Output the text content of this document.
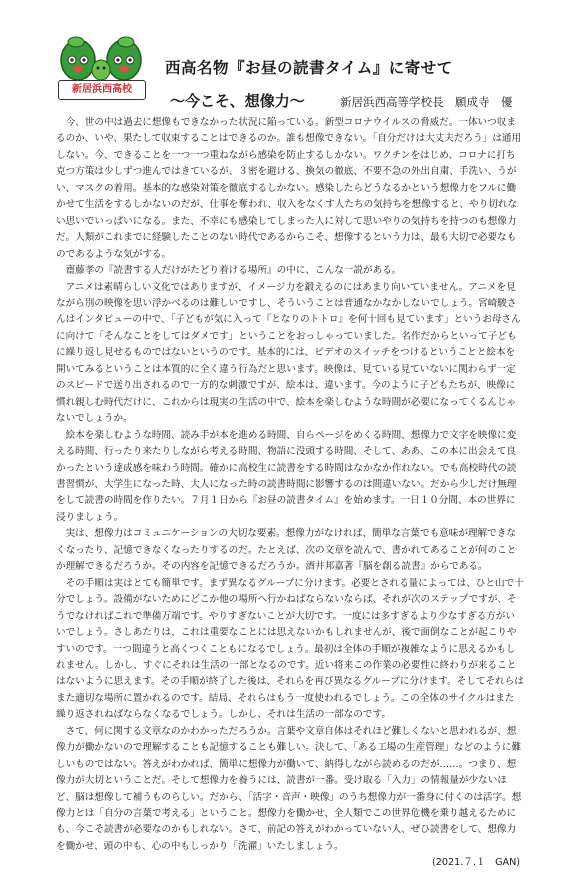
新居浜西高校
西高名物『お昼の読書タイム』に寄せて
～今こそ、想像力～	新居浜西高等学校長　願成寺　優

今、世の中は過去に想像もできなかった状況に陥っている。新型コロナウイルスの脅威だ。一体いつ収まるのか、いや、果たして収束することはできるのか。誰も想像できない。「自分だけは大丈夫だろう」は通用しない。今、できることを一つ一つ重ねながら感染を防止するしかない。ワクチンをはじめ、コロナに打ち克つ方策は少しずつ進んではきているが、３密を避ける、換気の徹底、不要不急の外出自粛、手洗い、うがい、マスクの着用。基本的な感染対策を徹底するしかない。感染したらどうなるかという想像力をフルに働かせて生活をするしかないのだが、仕事を奪われ、収入をなくす人たちの気持ちを想像すると、やり切れない思いでいっぱいになる。また、不幸にも感染してしまった人に対して思いやりの気持ちを持つのも想像力だ。人類がこれまでに経験したことのない時代であるからこそ、想像するという力は、最も大切で必要なものであるような気がする。

齋藤孝の『読書する人だけがたどり着ける場所』の中に、こんな一説がある。

アニメは素晴らしい文化ではありますが、イメージ力を鍛えるのにはあまり向いていません。アニメを見ながら別の映像を思い浮かべるのは難しいですし、そういうことは普通なかなかしないでしょう。宮崎駿さんはインタビューの中で、「子どもが気に入って『となりのトトロ』を何十回も見ています」というお母さんに向けて「そんなことをしてはダメです」ということをおっしゃっていました。名作だからといって子どもに繰り返し見せるものではないというのです。基本的には、ビデオのスイッチをつけるということと絵本を開いてみるということは本質的に全く違う行為だと思います。映像は、見ている見ていないに関わらず一定のスピードで送り出されるので一方的な刺激ですが、絵本は、違います。今のように子どもたちが、映像に慣れ親しむ時代だけに、これからは現実の生活の中で、絵本を楽しむような時間が必要になってくるんじゃないでしょうか。

絵本を楽しむような時間、読み手が本を進める時間、自らページをめくる時間、想像力で文字を映像に変える時間、行ったり来たりしながら考える時間、物語に没頭する時間、そして、ああ、この本に出会えて良かったという達成感を味わう時間。確かに高校生に読書をする時間はなかなか作れない。でも高校時代の読書習慣が、大学生になった時、大人になった時の読書時間に影響するのは間違いない。だから少しだけ無理をして読書の時間を作りたい。７月１日から『お昼の読書タイム』を始めます。一日１０分間、本の世界に浸りましょう。

実は、想像力はコミュニケーションの大切な要素。想像力がなければ、簡単な言葉でも意味が理解できなくなったり、記憶できなくなったりするのだ。たとえば、次の文章を読んで、書かれてあることが何のことか理解できるだろうか。その内容を記憶できるだろうか。酒井邦嘉著『脳を創る読書』からである。

その手順は実はとても簡単です。まず異なるグループに分けます。必要とされる量によっては、ひと山で十分でしょう。設備がないためにどこか他の場所へ行かねばならないならば、それが次のステップですが、そうでなければこれで準備万端です。やりすぎないことが大切です。一度には多すぎるより少なすぎる方がいいでしょう。さしあたりは、これは重要なことには思えないかもしれませんが、後で面倒なことが起こりやすいのです。一つ間違うと高くつくこともになるでしょう。最初は全体の手順が複雑なように思えるかもしれません。しかし、すぐにそれは生活の一部となるのです。近い将来この作業の必要性に終わりが来ることはないように思えます。その手順が終了した後は、それらを再び異なるグループに分けます。そしてそれらはまた適切な場所に置かれるのです。結局、それらはもう一度使われるでしょう。この全体のサイクルはまた繰り返されねばならなくなるでしょう。しかし、それは生活の一部なのです。

さて、何に関する文章なのかわかっただろうか。言葉や文章自体はそれほど難しくないと思われるが、想像力が働かないので理解することも記憶することも難しい。決して、「ある工場の生産管理」などのように難しいものではない。答えがわかれば、簡単に想像力が働いて、納得しながら読めるのだが……。つまり、想像力が大切ということだ。そして想像力を養うには、読書が一番。受け取る「入力」の情報量が少ないほど、脳は想像して補うものらしい。だから、「活字・音声・映像」のうち想像力が一番身に付くのは活字。想像力とは「自分の言葉で考える」ということ。想像力を働かせ、全人類でこの世界危機を乗り越えるためにも、今こそ読書が必要なのかもしれない。さて、前記の答えがわかっていない人、ぜひ読書をして、想像力を働かせ、頭の中も、心の中もしっかり「洗濯」いたしましょう。

(2021.７.１　GAN)
